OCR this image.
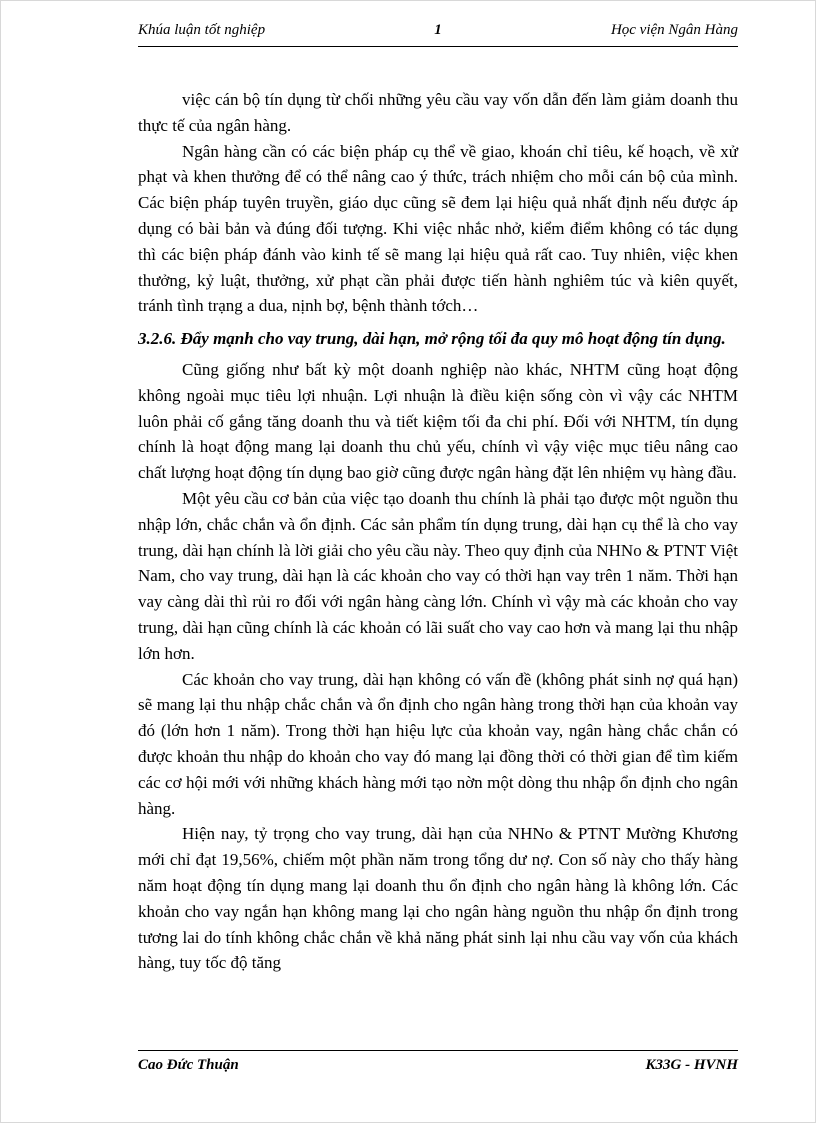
Khúa luận tốt nghiệp	1	Học viện Ngân Hàng

việc cán bộ tín dụng từ chối những yêu cầu vay vốn dẫn đến làm giảm doanh thu thực tế của ngân hàng.

Ngân hàng cần có các biện pháp cụ thể về giao, khoán chỉ tiêu, kế hoạch, về xử phạt và khen thưởng để có thể nâng cao ý thức, trách nhiệm cho mỗi cán bộ của mình. Các biện pháp tuyên truyền, giáo dục cũng sẽ đem lại hiệu quả nhất định nếu được áp dụng có bài bản và đúng đối tượng. Khi việc nhắc nhở, kiểm điểm không có tác dụng thì các biện pháp đánh vào kinh tế sẽ mang lại hiệu quả rất cao. Tuy nhiên, việc khen thưởng, kỷ luật, thưởng, xử phạt cần phải được tiến hành nghiêm túc và kiên quyết, tránh tình trạng a dua, nịnh bợ, bệnh thành tớch…

3.2.6. Đẩy mạnh cho vay trung, dài hạn, mở rộng tối đa quy mô hoạt động tín dụng.

Cũng giống như bất kỳ một doanh nghiệp nào khác, NHTM cũng hoạt động không ngoài mục tiêu lợi nhuận. Lợi nhuận là điều kiện sống còn vì vậy các NHTM luôn phải cố gắng tăng doanh thu và tiết kiệm tối đa chi phí. Đối với NHTM, tín dụng chính là hoạt động mang lại doanh thu chủ yếu, chính vì vậy việc mục tiêu nâng cao chất lượng hoạt động tín dụng bao giờ cũng được ngân hàng đặt lên nhiệm vụ hàng đầu.

Một yêu cầu cơ bản của việc tạo doanh thu chính là phải tạo được một nguồn thu nhập lớn, chắc chắn và ổn định. Các sản phẩm tín dụng trung, dài hạn cụ thể là cho vay trung, dài hạn chính là lời giải cho yêu cầu này. Theo quy định của NHNo & PTNT Việt Nam, cho vay trung, dài hạn là các khoản cho vay có thời hạn vay trên 1 năm. Thời hạn vay càng dài thì rủi ro đối với ngân hàng càng lớn. Chính vì vậy mà các khoản cho vay trung, dài hạn cũng chính là các khoản có lãi suất cho vay cao hơn và mang lại thu nhập lớn hơn.

Các khoản cho vay trung, dài hạn không có vấn đề (không phát sinh nợ quá hạn) sẽ mang lại thu nhập chắc chắn và ổn định cho ngân hàng trong thời hạn của khoản vay đó (lớn hơn 1 năm). Trong thời hạn hiệu lực của khoản vay, ngân hàng chắc chắn có được khoản thu nhập do khoản cho vay đó mang lại đồng thời có thời gian để tìm kiếm các cơ hội mới với những khách hàng mới tạo nờn một dòng thu nhập ổn định cho ngân hàng.

Hiện nay, tỷ trọng cho vay trung, dài hạn của NHNo & PTNT Mường Khương mới chỉ đạt 19,56%, chiếm một phần năm trong tổng dư nợ. Con số này cho thấy hàng năm hoạt động tín dụng mang lại doanh thu ổn định cho ngân hàng là không lớn. Các khoản cho vay ngắn hạn không mang lại cho ngân hàng nguồn thu nhập ổn định trong tương lai do tính không chắc chắn về khả năng phát sinh lại nhu cầu vay vốn của khách hàng, tuy tốc độ tăng

Cao Đức Thuận	K33G - HVNH
